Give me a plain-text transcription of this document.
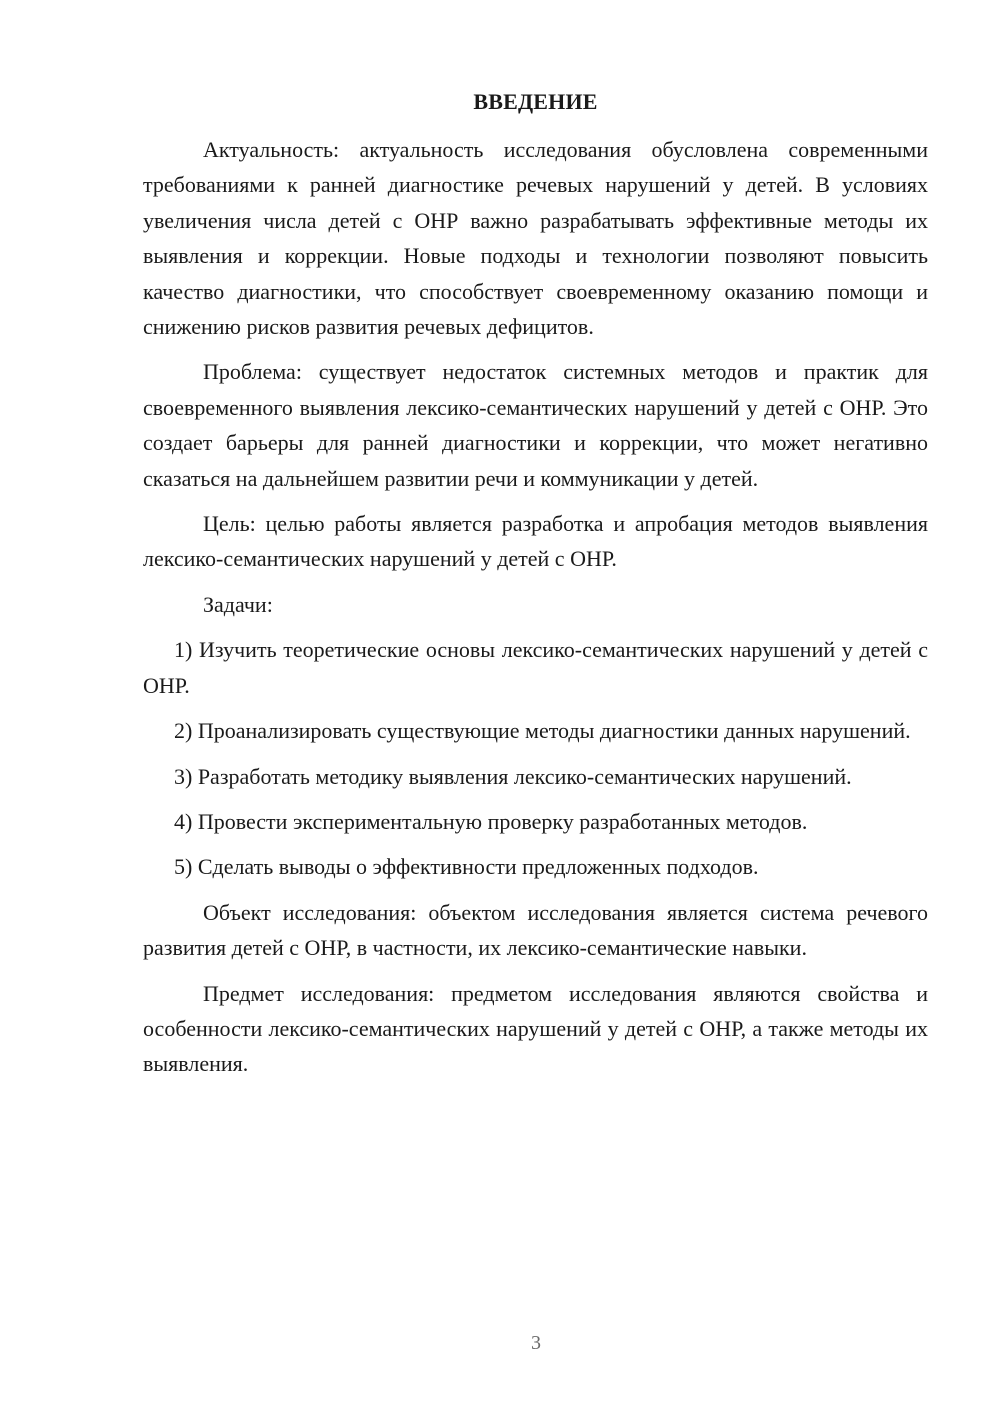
ВВЕДЕНИЕ

Актуальность: актуальность исследования обусловлена современными требованиями к ранней диагностике речевых нарушений у детей. В условиях увеличения числа детей с ОНР важно разрабатывать эффективные методы их выявления и коррекции. Новые подходы и технологии позволяют повысить качество диагностики, что способствует своевременному оказанию помощи и снижению рисков развития речевых дефицитов.

Проблема: существует недостаток системных методов и практик для своевременного выявления лексико-семантических нарушений у детей с ОНР. Это создает барьеры для ранней диагностики и коррекции, что может негативно сказаться на дальнейшем развитии речи и коммуникации у детей.

Цель: целью работы является разработка и апробация методов выявления лексико-семантических нарушений у детей с ОНР.

Задачи:

1) Изучить теоретические основы лексико-семантических нарушений у детей с ОНР.

2) Проанализировать существующие методы диагностики данных нарушений.

3) Разработать методику выявления лексико-семантических нарушений.

4) Провести экспериментальную проверку разработанных методов.

5) Сделать выводы о эффективности предложенных подходов.

Объект исследования: объектом исследования является система речевого развития детей с ОНР, в частности, их лексико-семантические навыки.

Предмет исследования: предметом исследования являются свойства и особенности лексико-семантических нарушений у детей с ОНР, а также методы их выявления.

3
